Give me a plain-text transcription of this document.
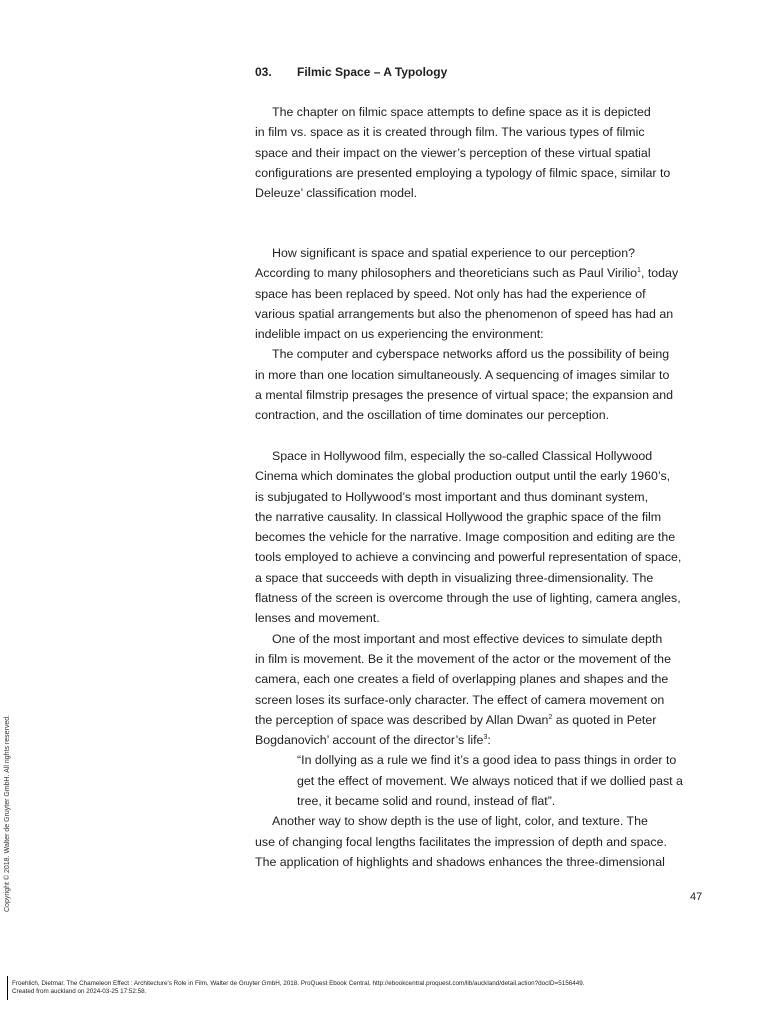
03. Filmic Space – A Typology

The chapter on filmic space attempts to define space as it is depicted

in film vs. space as it is created through film. The various types of filmic

space and their impact on the viewer’s perception of these virtual spatial

configurations are presented employing a typology of filmic space, similar to

Deleuze’ classification model.

How significant is space and spatial experience to our perception?

According to many philosophers and theoreticians such as Paul Virilio$^1$, today

space has been replaced by speed. Not only has had the experience of

various spatial arrangements but also the phenomenon of speed has had an

indelible impact on us experiencing the environment:

The computer and cyberspace networks afford us the possibility of being

in more than one location simultaneously. A sequencing of images similar to

a mental filmstrip presages the presence of virtual space; the expansion and

contraction, and the oscillation of time dominates our perception.

Space in Hollywood film, especially the so-called Classical Hollywood

Cinema which dominates the global production output until the early 1960’s,

is subjugated to Hollywood’s most important and thus dominant system,

the narrative causality. In classical Hollywood the graphic space of the film

becomes the vehicle for the narrative. Image composition and editing are the

tools employed to achieve a convincing and powerful representation of space,

a space that succeeds with depth in visualizing three-dimensionality. The

flatness of the screen is overcome through the use of lighting, camera angles,

lenses and movement.

One of the most important and most effective devices to simulate depth

in film is movement. Be it the movement of the actor or the movement of the

camera, each one creates a field of overlapping planes and shapes and the

screen loses its surface-only character. The effect of camera movement on

the perception of space was described by Allan Dwan$^2$ as quoted in Peter

Bogdanovich’ account of the director’s life$^3$:

“In dollying as a rule we find it’s a good idea to pass things in order to

get the effect of movement. We always noticed that if we dollied past a

tree, it became solid and round, instead of flat”.

Another way to show depth is the use of light, color, and texture. The

use of changing focal lengths facilitates the impression of depth and space.

The application of highlights and shadows enhances the three-dimensional

47
Copyright © 2018. Walter de Gruyter GmbH. All rights reserved.
Froehlich, Dietmar. The Chameleon Effect : Architecture's Role in Film, Walter de Gruyter GmbH, 2018. ProQuest Ebook Central, http://ebookcentral.proquest.com/lib/auckland/detail.action?docID=5156449.
Created from auckland on 2024-03-25 17:52:58.
